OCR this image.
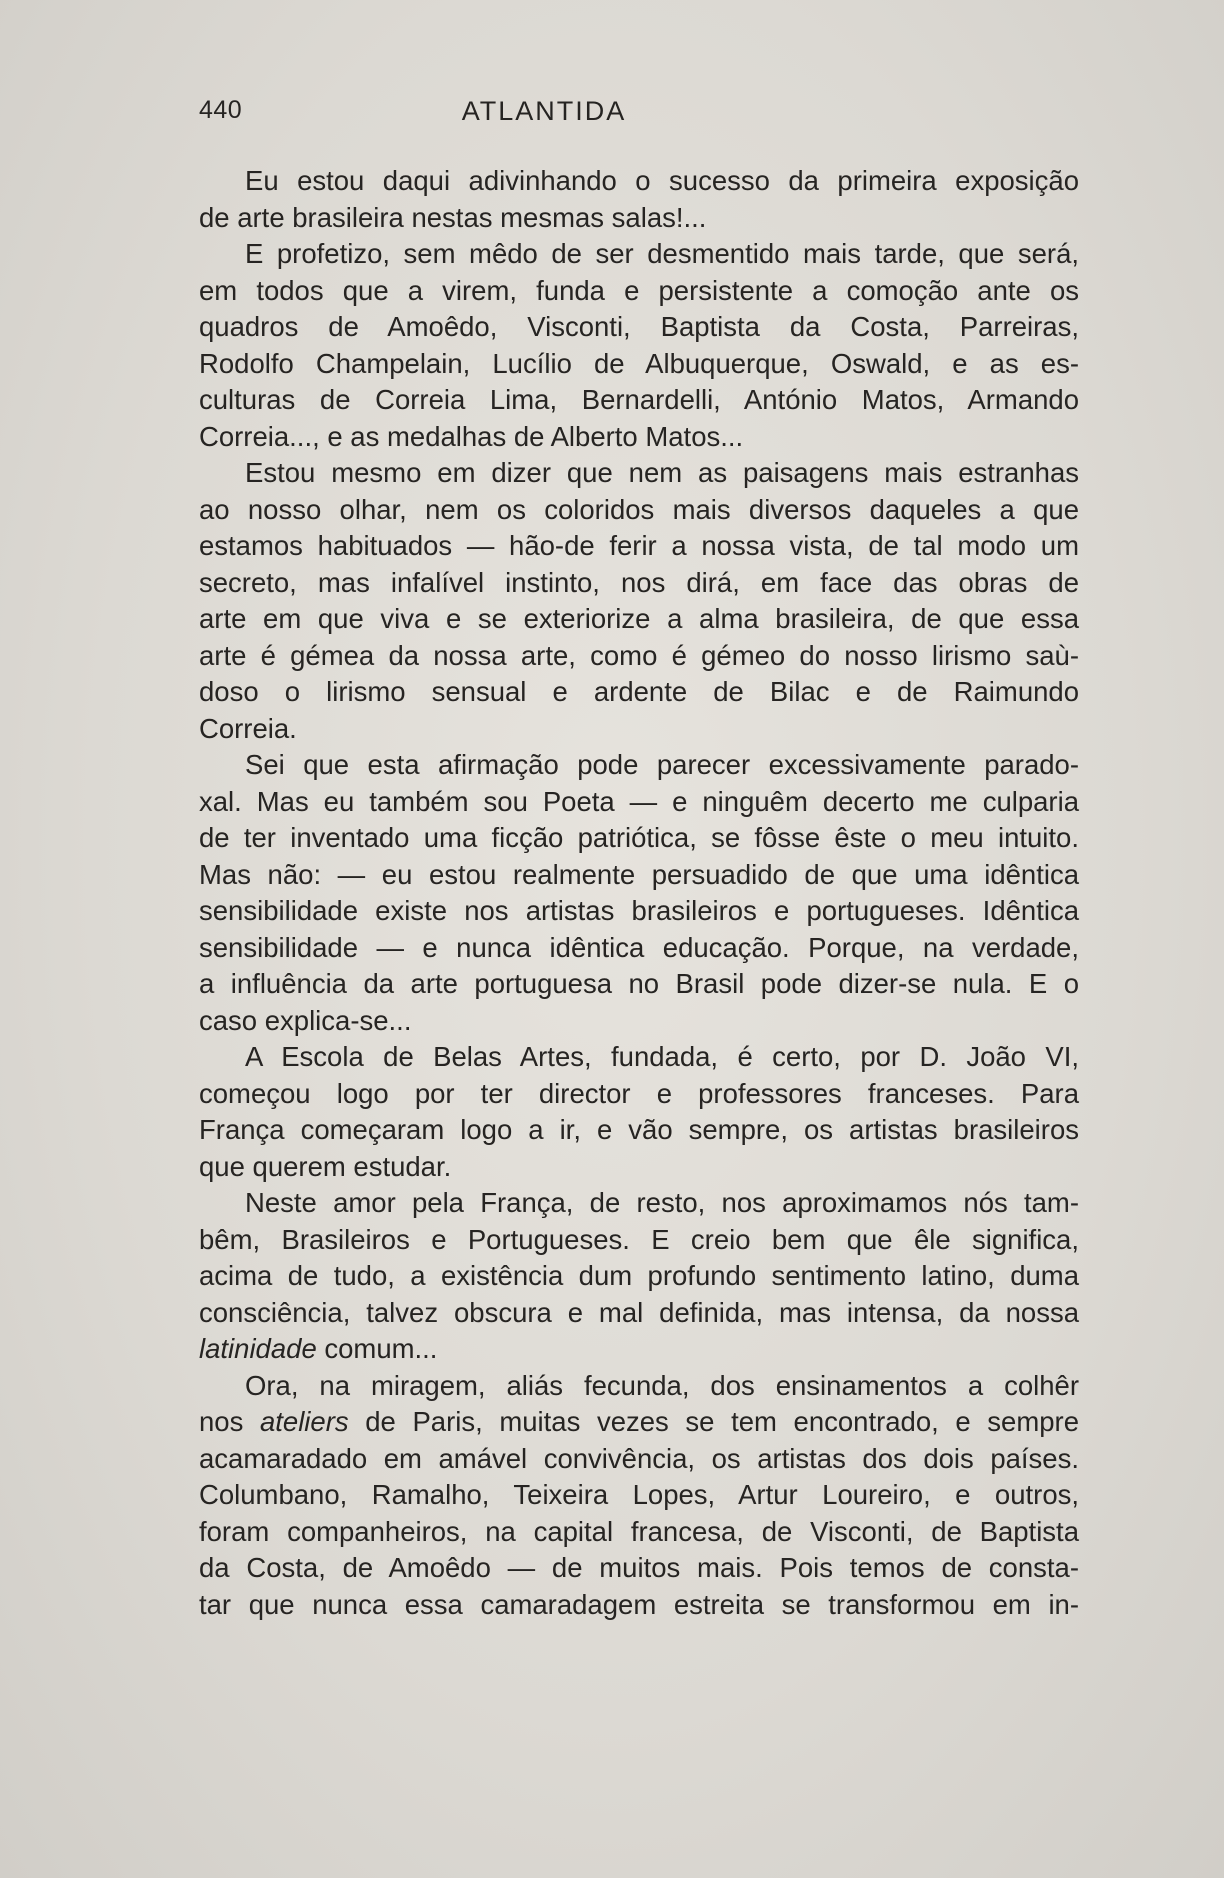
440	ATLANTIDA
Eu estou daqui adivinhando o sucesso da primeira exposição
de arte brasileira nestas mesmas salas!...
E profetizo, sem mêdo de ser desmentido mais tarde, que será,
em todos que a virem, funda e persistente a comoção ante os
quadros de Amoêdo, Visconti, Baptista da Costa, Parreiras,
Rodolfo Champelain, Lucílio de Albuquerque, Oswald, e as es-
culturas de Correia Lima, Bernardelli, António Matos, Armando
Correia..., e as medalhas de Alberto Matos...
Estou mesmo em dizer que nem as paisagens mais estranhas
ao nosso olhar, nem os coloridos mais diversos daqueles a que
estamos habituados — hão-de ferir a nossa vista, de tal modo um
secreto, mas infalível instinto, nos dirá, em face das obras de
arte em que viva e se exteriorize a alma brasileira, de que essa
arte é gémea da nossa arte, como é gémeo do nosso lirismo saù-
doso o lirismo sensual e ardente de Bilac e de Raimundo
Correia.
Sei que esta afirmação pode parecer excessivamente parado-
xal. Mas eu também sou Poeta — e ninguêm decerto me culparia
de ter inventado uma ficção patriótica, se fôsse êste o meu intuito.
Mas não: — eu estou realmente persuadido de que uma idêntica
sensibilidade existe nos artistas brasileiros e portugueses. Idêntica
sensibilidade — e nunca idêntica educação. Porque, na verdade,
a influência da arte portuguesa no Brasil pode dizer-se nula. E o
caso explica-se...
A Escola de Belas Artes, fundada, é certo, por D. João VI,
começou logo por ter director e professores franceses. Para
França começaram logo a ir, e vão sempre, os artistas brasileiros
que querem estudar.
Neste amor pela França, de resto, nos aproximamos nós tam-
bêm, Brasileiros e Portugueses. E creio bem que êle significa,
acima de tudo, a existência dum profundo sentimento latino, duma
consciência, talvez obscura e mal definida, mas intensa, da nossa
latinidade comum...
Ora, na miragem, aliás fecunda, dos ensinamentos a colhêr
nos ateliers de Paris, muitas vezes se tem encontrado, e sempre
acamaradado em amável convivência, os artistas dos dois países.
Columbano, Ramalho, Teixeira Lopes, Artur Loureiro, e outros,
foram companheiros, na capital francesa, de Visconti, de Baptista
da Costa, de Amoêdo — de muitos mais. Pois temos de consta-
tar que nunca essa camaradagem estreita se transformou em in-
